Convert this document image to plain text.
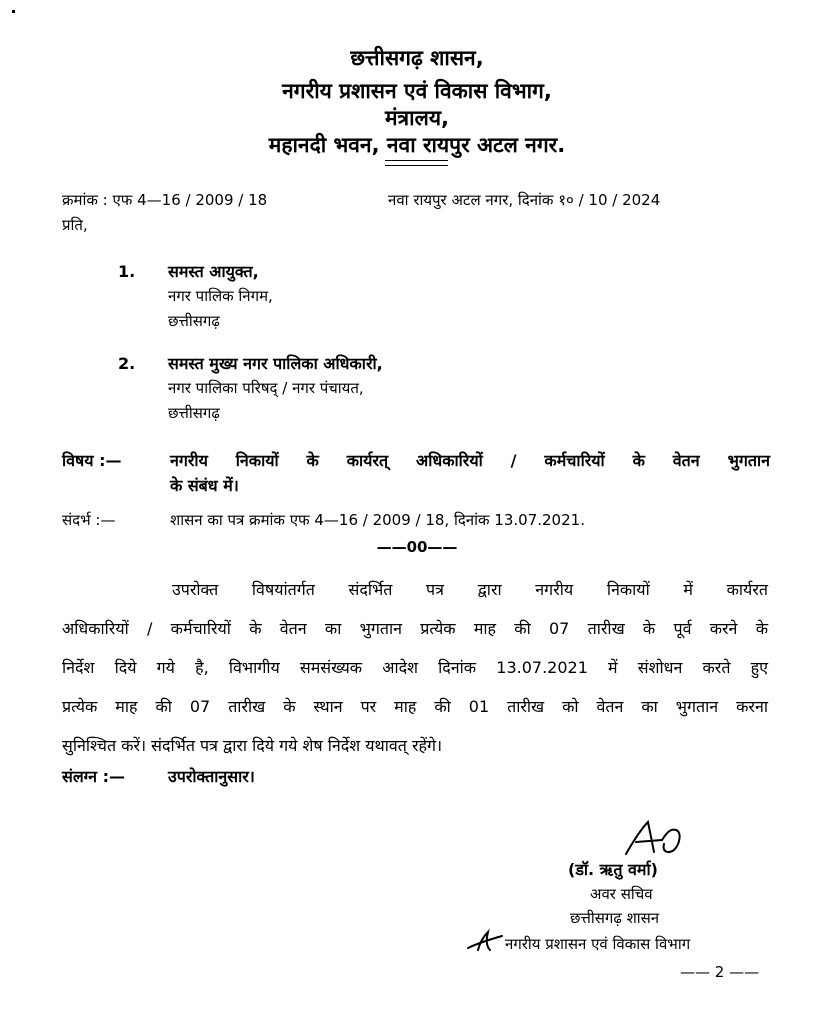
छत्तीसगढ़ शासन,
नगरीय प्रशासन एवं विकास विभाग,
मंत्रालय,
महानदी भवन, नवा रायपुर अटल नगर.
क्रमांक : एफ 4—16 / 2009 / 18	नवा रायपुर अटल नगर, दिनांक १० / 10 / 2024
प्रति,
1. समस्त आयुक्त,
नगर पालिक निगम,
छत्तीसगढ़
2. समस्त मुख्य नगर पालिका अधिकारी,
नगर पालिका परिषद् / नगर पंचायत,
छत्तीसगढ़
विषय :—	नगरीय निकायों के कार्यरत् अधिकारियों / कर्मचारियों के वेतन भुगतान
के संबंध में।
संदर्भ :—	शासन का पत्र क्रमांक एफ 4—16 / 2009 / 18, दिनांक 13.07.2021.
——00——
उपरोक्त विषयांतर्गत संदर्भित पत्र द्वारा नगरीय निकायों में कार्यरत
अधिकारियों / कर्मचारियों के वेतन का भुगतान प्रत्येक माह की 07 तारीख के पूर्व करने के
निर्देश दिये गये है, विभागीय समसंख्यक आदेश दिनांक 13.07.2021 में संशोधन करते हुए
प्रत्येक माह की 07 तारीख के स्थान पर माह की 01 तारीख को वेतन का भुगतान करना
सुनिश्चित करें। संदर्भित पत्र द्वारा दिये गये शेष निर्देश यथावत् रहेंगे।
संलग्न :—	उपरोक्तानुसार।
(डॉ. ऋतु वर्मा)
अवर सचिव
छत्तीसगढ़ शासन
नगरीय प्रशासन एवं विकास विभाग
—— 2 ——
